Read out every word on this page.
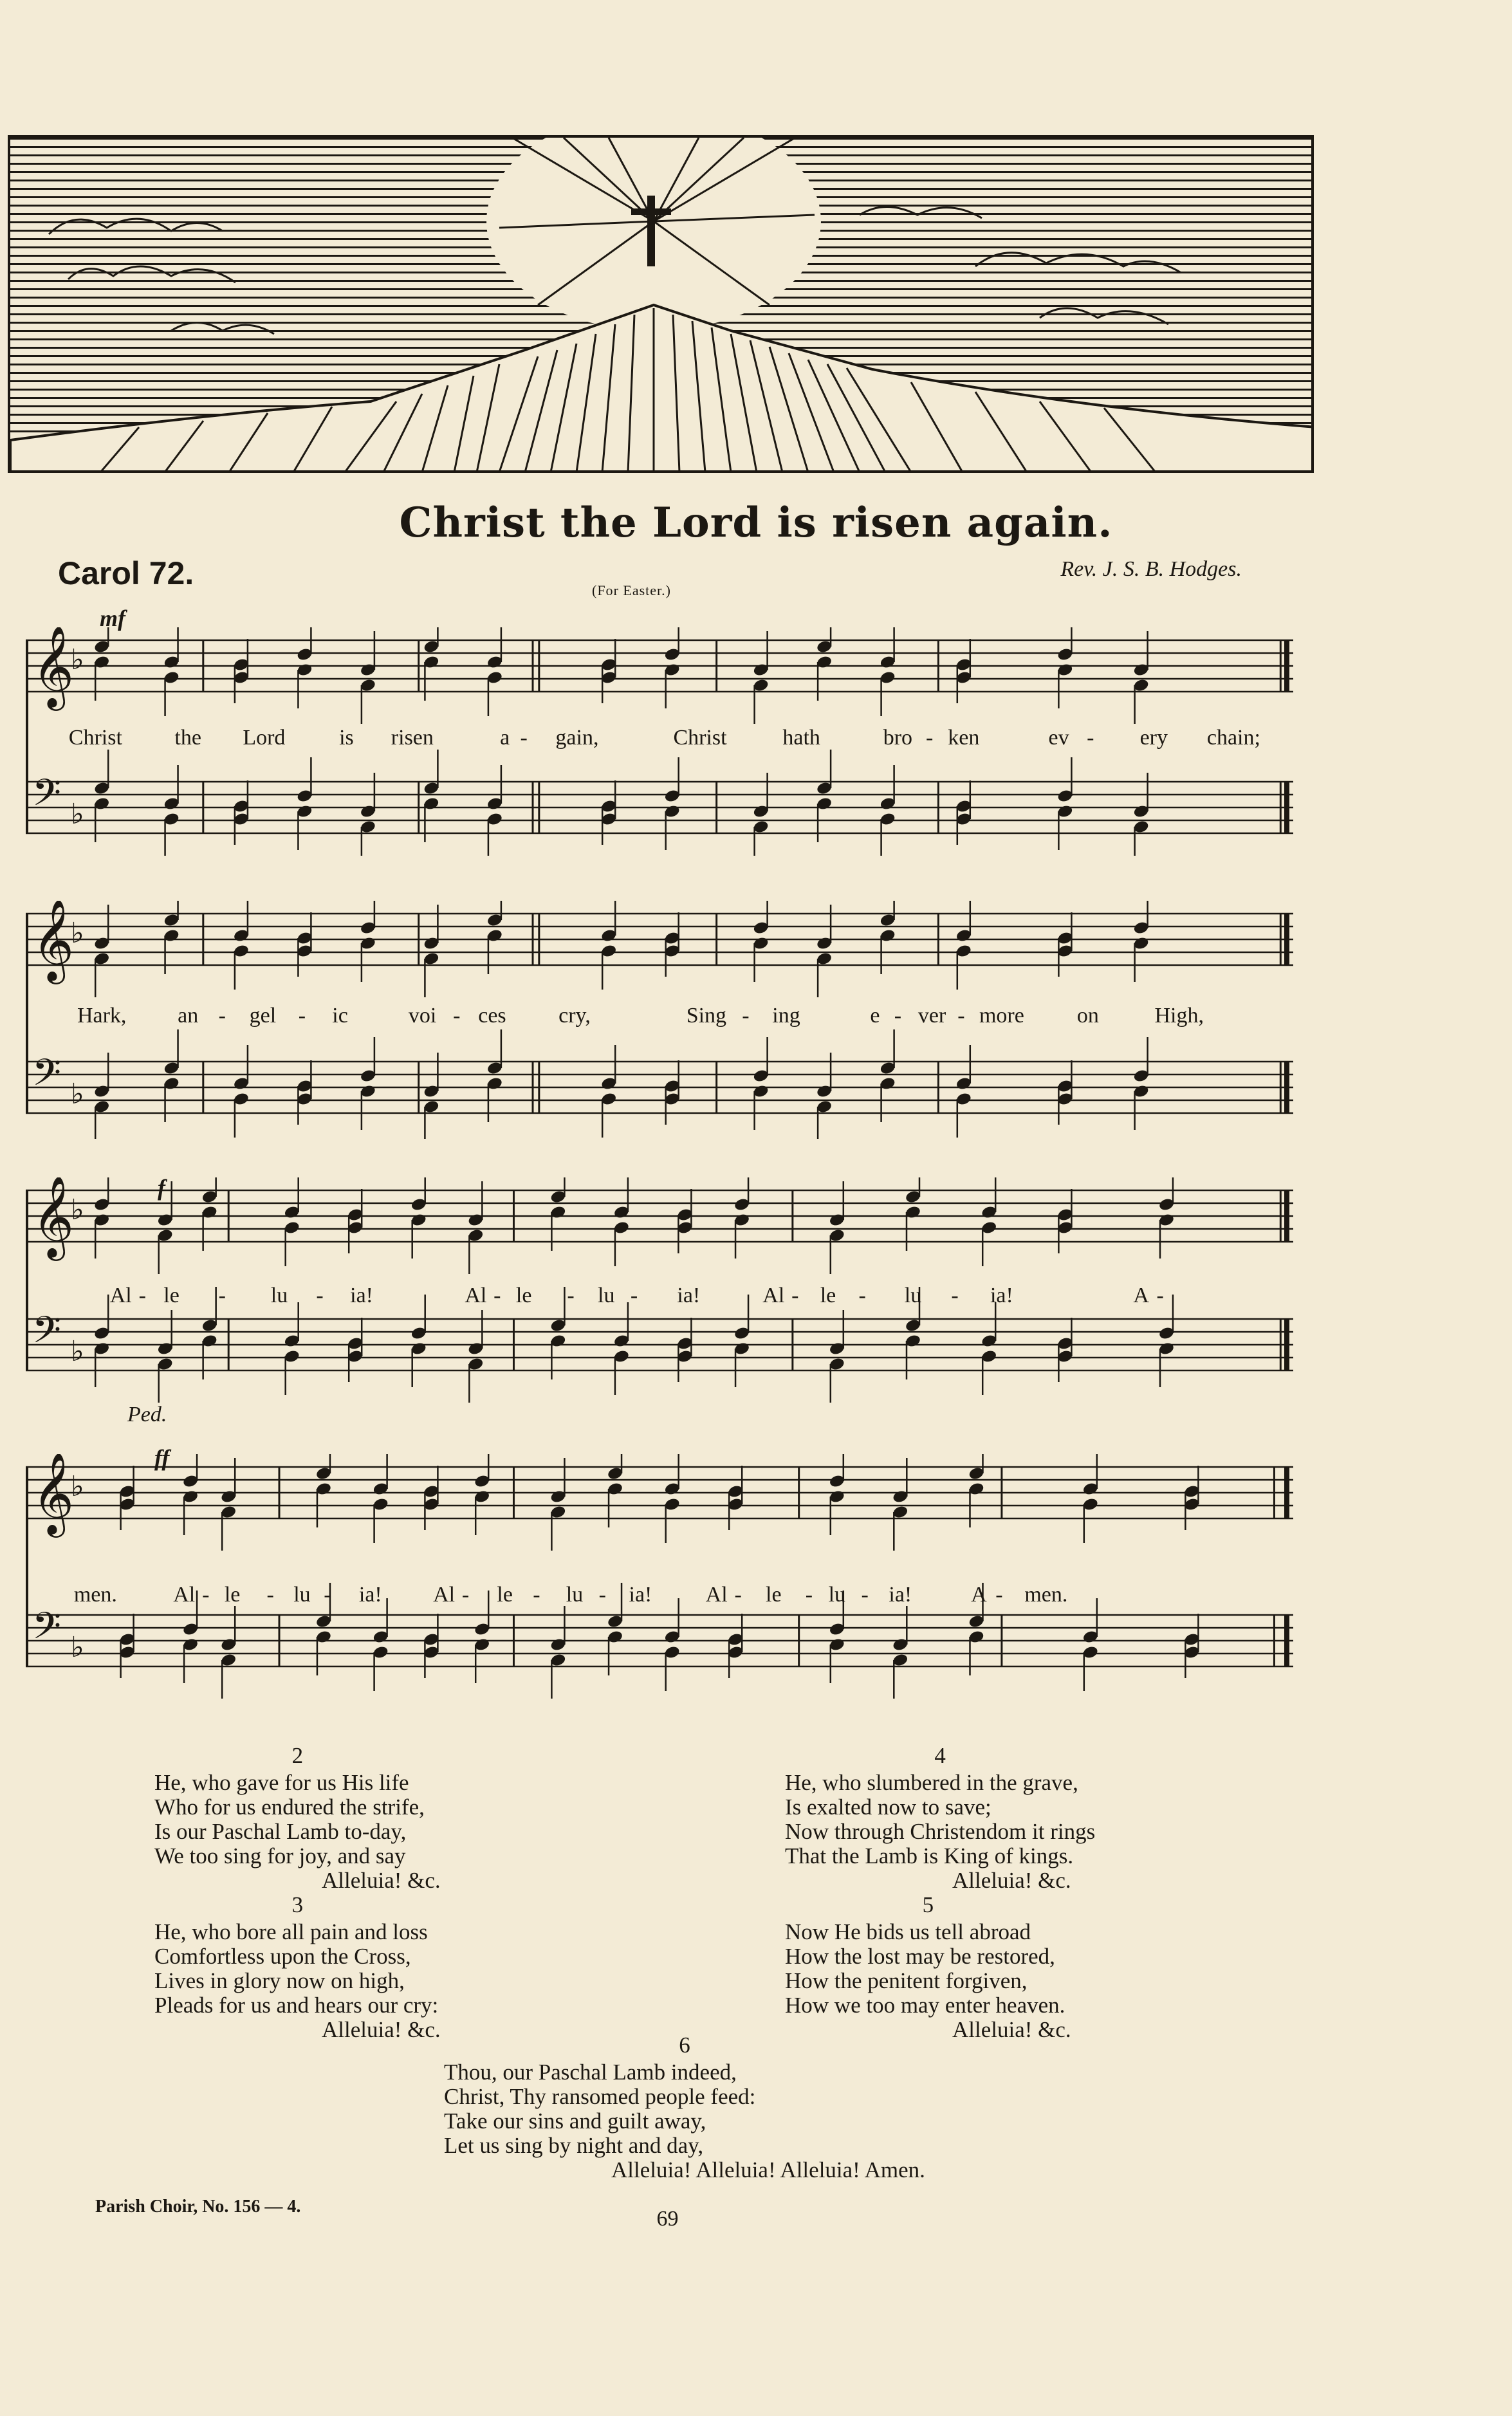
Christ the Lord is risen again.
Carol 72.	Rev. J. S. B. Hodges.
(For Easter.)
mf
f
ff
Ped.
𝄞
♭
𝄢 ♭
Christ the Lord is risen	a - gain,	Christ	hath	bro - ken	ev - ery chain;
𝄞
♭
𝄢 ♭
Hark, an - gel - ic	voi - ces cry,	Sing - ing	e - ver - more on	High,
𝄞
♭
𝄢 ♭
Al - le - lu - ia!	Al - le - lu - ia!	Al - le - lu - ia!	A -
𝄞
♭
𝄢 ♭
men.	Al - le - lu - ia! Al - le - lu - ia! Al - le - lu - ia!	A - men.
2
He, who gave for us His life
Who for us endured the strife,
Is our Paschal Lamb to-day,
We too sing for joy, and say
Alleluia! &c.
3
He, who bore all pain and loss
Comfortless upon the Cross,
Lives in glory now on high,
Pleads for us and hears our cry:
Alleluia! &c.
4
He, who slumbered in the grave,
Is exalted now to save;
Now through Christendom it rings
That the Lamb is King of kings.
Alleluia! &c.
5
Now He bids us tell abroad
How the lost may be restored,
How the penitent forgiven,
How we too may enter heaven.
Alleluia! &c.
6
Thou, our Paschal Lamb indeed,
Christ, Thy ransomed people feed:
Take our sins and guilt away,
Let us sing by night and day,
Alleluia! Alleluia! Alleluia! Amen.
Parish Choir, No. 156 — 4.
69
